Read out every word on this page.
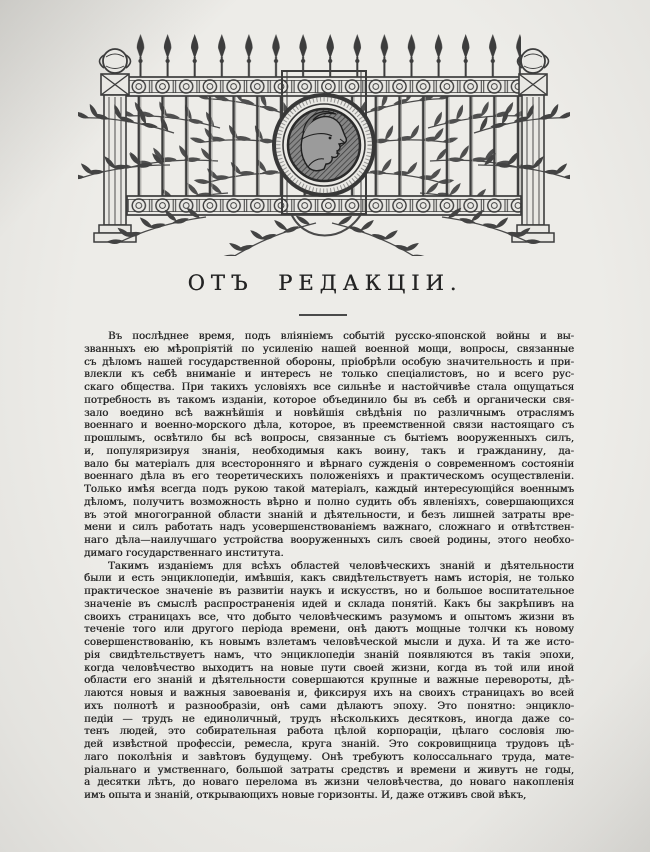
ОТЪ РЕДАКЦІИ.
Въ послѣднее время, подъ вліяніемъ событій русско-японской войны и вы-
званныхъ ею мѣропріятій по усиленію нашей военной мощи, вопросы, связанные
съ дѣломъ нашей государственной обороны, пріобрѣли особую значительность и при-
влекли къ себѣ вниманіе и интересъ не только спеціалистовъ, но и всего рус-
скаго общества. При такихъ условіяхъ все сильнѣе и настойчивѣе стала ощущаться
потребность въ такомъ изданіи, которое объединило бы въ себѣ и органически свя-
зало воедино всѣ важнѣйшія и новѣйшія свѣдѣнія по различнымъ отраслямъ
военнаго и военно-морского дѣла, которое, въ преемственной связи настоящаго съ
прошлымъ, освѣтило бы всѣ вопросы, связанные съ бытіемъ вооруженныхъ силъ,
и, популяризируя знанія, необходимыя какъ воину, такъ и гражданину, да-
вало бы матеріалъ для всесторонняго и вѣрнаго сужденія о современномъ состояніи
военнаго дѣла въ его теоретическихъ положеніяхъ и практическомъ осуществленіи.
Только имѣя всегда подъ рукою такой матеріалъ, каждый интересующійся военнымъ
дѣломъ, получитъ возможность вѣрно и полно судить объ явленіяхъ, совершающихся
въ этой многогранной области знаній и дѣятельности, и безъ лишней затраты вре-
мени и силъ работать надъ усовершенствованіемъ важнаго, сложнаго и отвѣтствен-
наго дѣла—наилучшаго устройства вооруженныхъ силъ своей родины, этого необхо-
димаго государственнаго института.
Такимъ изданіемъ для всѣхъ областей человѣческихъ знаній и дѣятельности
были и есть энциклопедіи, имѣвшія, какъ свидѣтельствуетъ намъ исторія, не только
практическое значеніе въ развитіи наукъ и искусствъ, но и большое воспитательное
значеніе въ смыслѣ распространенія идей и склада понятій. Какъ бы закрѣпивъ на
своихъ страницахъ все, что добыто человѣческимъ разумомъ и опытомъ жизни въ
теченіе того или другого періода времени, онѣ даютъ мощные толчки къ новому
совершенствованію, къ новымъ взлетамъ человѣческой мысли и духа. И та же исто-
рія свидѣтельствуетъ намъ, что энциклопедіи знаній появляются въ такія эпохи,
когда человѣчество выходитъ на новые пути своей жизни, когда въ той или иной
области его знаній и дѣятельности совершаются крупные и важные перевороты, дѣ-
лаются новыя и важныя завоеванія и, фиксируя ихъ на своихъ страницахъ во всей
ихъ полнотѣ и разнообразіи, онѣ сами дѣлаютъ эпоху. Это понятно: энцикло-
педіи — трудъ не единоличный, трудъ нѣсколькихъ десятковъ, иногда даже со-
тенъ людей, это собирательная работа цѣлой корпораціи, цѣлаго сословія лю-
дей извѣстной профессіи, ремесла, круга знаній. Это сокровищница трудовъ цѣ-
лаго поколѣнія и завѣтовъ будущему. Онѣ требуютъ колоссальнаго труда, мате-
ріальнаго и умственнаго, большой затраты средствъ и времени и живутъ не годы,
а десятки лѣтъ, до новаго перелома въ жизни человѣчества, до новаго накопленія
имъ опыта и знаній, открывающихъ новые горизонты. И, даже отживъ свой вѣкъ,
